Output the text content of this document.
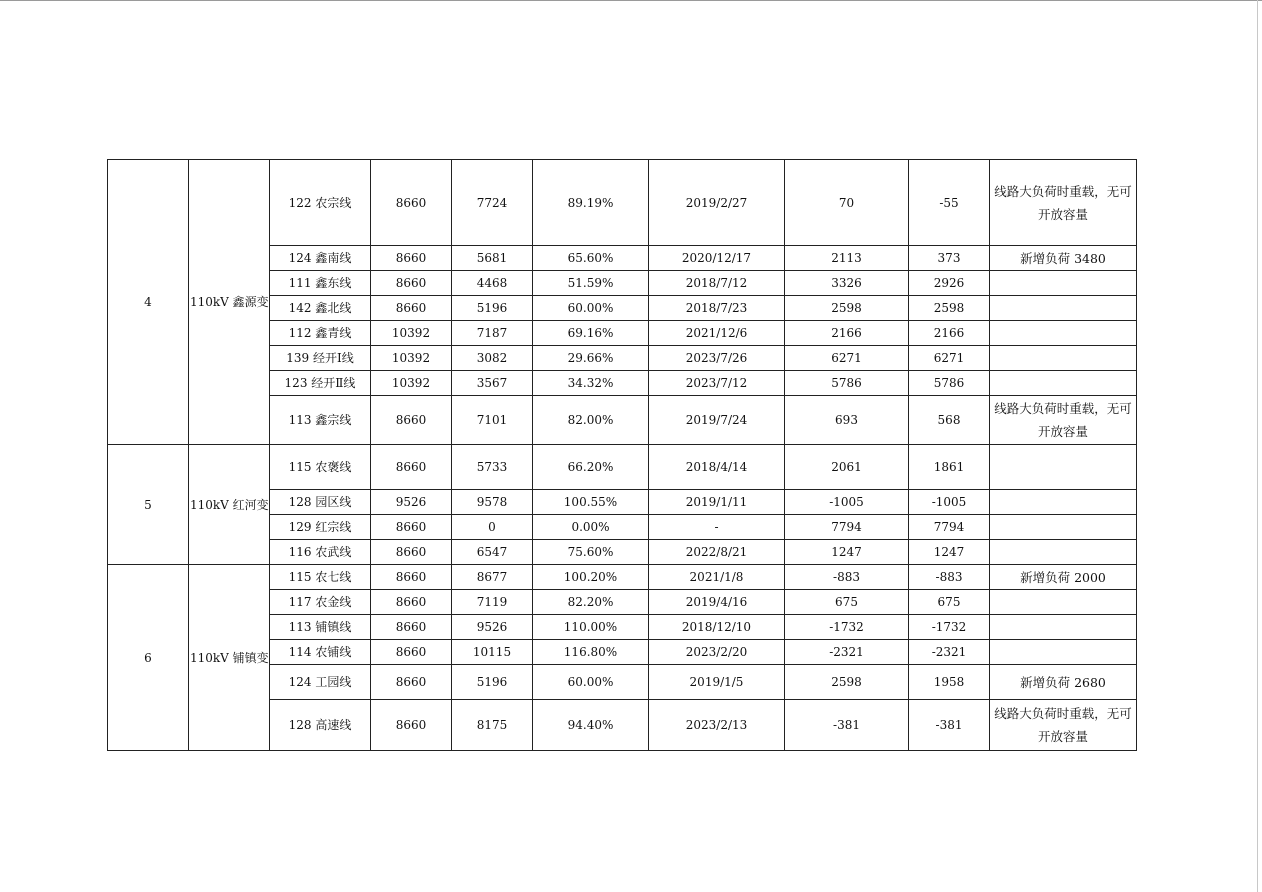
4	110kV 鑫源变	122 农宗线	8660	7724	89.19%	2019/2/27	70	-55	线路大负荷时重载，无可开放容量
		124 鑫南线	8660	5681	65.60%	2020/12/17	2113	373	新增负荷 3480
		111 鑫东线	8660	4468	51.59%	2018/7/12	3326	2926	
		142 鑫北线	8660	5196	60.00%	2018/7/23	2598	2598	
		112 鑫青线	10392	7187	69.16%	2021/12/6	2166	2166	
		139 经开Ⅰ线	10392	3082	29.66%	2023/7/26	6271	6271	
		123 经开Ⅱ线	10392	3567	34.32%	2023/7/12	5786	5786	
		113 鑫宗线	8660	7101	82.00%	2019/7/24	693	568	线路大负荷时重载，无可开放容量
5	110kV 红河变	115 农褒线	8660	5733	66.20%	2018/4/14	2061	1861	
		128 园区线	9526	9578	100.55%	2019/1/11	-1005	-1005	
		129 红宗线	8660	0	0.00%	-	7794	7794	
		116 农武线	8660	6547	75.60%	2022/8/21	1247	1247	
6	110kV 铺镇变	115 农七线	8660	8677	100.20%	2021/1/8	-883	-883	新增负荷 2000
		117 农金线	8660	7119	82.20%	2019/4/16	675	675	
		113 铺镇线	8660	9526	110.00%	2018/12/10	-1732	-1732	
		114 农铺线	8660	10115	116.80%	2023/2/20	-2321	-2321	
		124 工园线	8660	5196	60.00%	2019/1/5	2598	1958	新增负荷 2680
		128 高速线	8660	8175	94.40%	2023/2/13	-381	-381	线路大负荷时重载，无可开放容量
